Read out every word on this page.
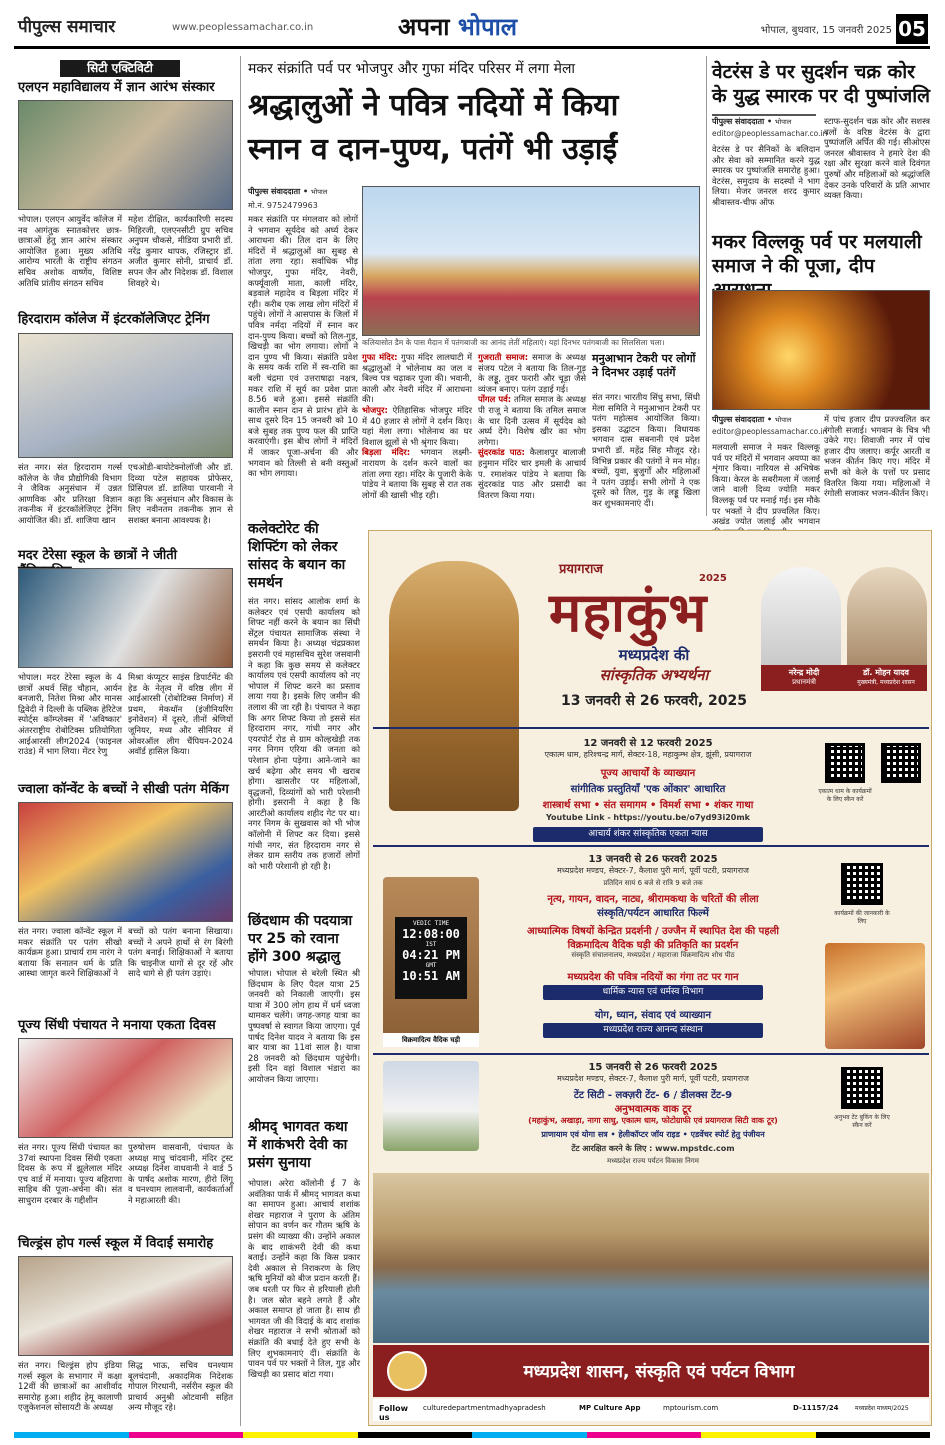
पीपुल्स समाचार	www.peoplessamachar.co.in	अपना भोपाल	भोपाल, बुधवार, 15 जनवरी 2025 05
सिटी एक्टिविटी
एलएन महाविद्यालय में ज्ञान आरंभ संस्कार
भोपाल। एलएन आयुर्वेद कॉलेज में नव आगंतुक स्नातकोत्तर छात्र-छात्राओं हेतु ज्ञान आरंभ संस्कार आयोजित हुआ। मुख्य अतिथि आरोग्य भारती के राष्ट्रीय संगठन सचिव अशोक वार्ष्णेय, विशिष्ट अतिथि प्रांतीय संगठन सचिव
महेश दीक्षित, कार्यकारिणी सदस्य मिहिरजी, एलएनसीटी ग्रुप सचिव अनुपम चौकसे, मीडिया प्रभारी डॉ. नरेंद्र कुमार थापक, रजिस्ट्रार डॉ. अजीत कुमार सोनी, प्राचार्य डॉ. सपन जैन और निदेशक डॉ. विशाल शिवहरे थे।
हिरदाराम कॉलेज में इंटरकॉलेजिएट ट्रेनिंग
संत नगर। संत हिरदाराम गर्ल्स कॉलेज के जैव प्रौद्योगिकी विभाग ने जैविक अनुसंधान में उन्नत आणविक और प्रतिरक्षा विज्ञान तकनीक में इंटरकॉलेजिएट ट्रेनिंग आयोजित की। डॉ. शाजिया खान
एचओडी-बायोटेक्नोलॉजी और डॉ. दिव्या पटेल सहायक प्रोफेसर, प्रिंसिपल डॉ. डालिया पारवानी ने कहा कि अनुसंधान और विकास के लिए नवीनतम तकनीक ज्ञान से सशक्त बनाना आवश्यक है।
मदर टेरेसा स्कूल के छात्रों ने जीती
भोपाल। मदर टेरेसा स्कूल के 4 छात्रों अथर्व सिंह चौहान, आर्यन बनजारी, नितेश मिश्रा और मानस द्विवेदी ने दिल्ली के पब्लिक हेरिटेज स्पोर्ट्स कॉम्प्लेक्स में 'अविष्कार' अंतरराष्ट्रीय रोबोटिक्स प्रतियोगिता आईआरसी लीग2024 (फाइनल राउंड) में भाग लिया। मेंटर रेणु
मिश्रा कंप्यूटर साइंस डिपार्टमेंट की हेड के नेतृत्व में वरिष्ठ लीग में आईआरसी (रोबोटिक्स निर्माण) में प्रथम, मेकथॉन (इंजीनियरिंग इनोवेशन) में दूसरे, तीनों श्रेणियों जूनियर, मध्य और सीनियर में ओवरऑल लीग चैंपियन-2024 अवॉर्ड हासिल किया।
ज्वाला कॉन्वेंट के बच्चों ने सीखी पतंग मेकिंग
संत नगर। ज्वाला कॉन्वेंट स्कूल में मकर संक्रांति पर पतंग सीखो कार्यक्रम हुआ। प्राचार्य राम नारंग ने बताया कि सनातन धर्म के प्रति आस्था जागृत करने शिक्षिकाओं ने
बच्चों को पतंग बनाना सिखाया। बच्चों ने अपने हाथों से रंग बिरंगी पतंग बनाई। शिक्षिकाओं ने बताया कि चाइनीज धागों से दूर रहें और सादे धागे से ही पतंग उड़ाएं।
पूज्य सिंधी पंचायत ने मनाया एकता दिवस
संत नगर। पूज्य सिंधी पंचायत का 37वां स्थापना दिवस सिंधी एकता दिवस के रूप में झूलेलाल मंदिर एच वार्ड में मनाया। पूज्य बहिराणा साहिब की पूजा-अर्चना की। संत साधुराम दरबार के गद्दीशीन
पुरुषोत्तम वासवानी, पंचायत के अध्यक्ष माधु चांदवानी, मंदिर ट्रस्ट अध्यक्ष दिनेश वाधवानी ने वार्ड 5 के पार्षद अशोक मारण, हीरो लिंगू व घनश्याम लालवानी, कार्यकर्ताओं ने महाआरती की।
चिल्ड्रंस होप गर्ल्स स्कूल में विदाई समारोह
संत नगर। चिल्ड्रंस होप इंडिया गर्ल्स स्कूल के सभागार में कक्षा 12वीं की छात्राओं का आशीर्वाद समारोह हुआ। शहीद हेमू कालाणी एजुकेशनल सोसायटी के अध्यक्ष
सिद्ध भाऊ, सचिव घनश्याम बूलचंदानी, अकादमिक निदेशक गोपाल गिरधानी, नर्सरीन स्कूल की प्राचार्य अनुश्री ओटवानी सहित अन्य मौजूद रहे।
मकर संक्रांति पर्व पर भोजपुर और गुफा मंदिर परिसर में लगा मेला
श्रद्धालुओं ने पवित्र नदियों में किया
स्नान व दान-पुण्य, पतंगें भी उड़ाईं
पीपुल्स संवाददाता • भोपाल
मो.नं. 9752479963
कलियासोत डैम के पास मैदान में पतंगबाजी का आनंद लेतीं महिलाएं। यहां दिनभर पतंगबाजी का सिलसिला चला।
मकर संक्रांति पर मंगलवार को लोगों ने भगवान सूर्यदेव को अर्घ्य देकर आराधना की। तिल दान के लिए मंदिरों में श्रद्धालुओं का सुबह से तांता लगा रहा। सर्वाधिक भीड़ भोजपुर, गुफा मंदिर, नेवरी, कर्फ्यूवाली माता, काली मंदिर, बड़वाले महादेव व बिड़ला मंदिर में रही। करीब एक लाख लोग मंदिरों में पहुंचे। लोगों ने आसपास के जिलों में पवित्र नर्मदा नदियों में स्नान कर दान-पुण्य किया। बच्चों को तिल-गुड़, खिचड़ी का भोग लगाया। लोगों ने दान पुण्य भी किया। संक्रांति प्रवेश के समय कर्क राशि में स्व-राशि का बली चंद्रमा एवं उत्तराषाढ़ा नक्षत्र, मकर राशि में सूर्य का प्रवेश प्रातः 8.56 बजे हुआ। इससे संक्रांति कालीन स्नान दान से प्रारंभ होने के साथ दूसरे दिन 15 जनवरी को 10 बजे सुबह तक पुण्य फल की प्राप्ति करवाएंगी। इस बीच लोगों ने मंदिरों में जाकर पूजा-अर्चना की और भगवान को तिल्ली से बनी वस्तुओं का भोग लगाया।

गुफा मंदिर: गुफा मंदिर लालघाटी में श्रद्धालुओं ने भोलेनाथ का जल व बिल्व पत्र चढ़ाकर पूजा की। भवानी, काली और नेवरी मंदिर में आराधना की।

भोजपुर: ऐतिहासिक भोजपुर मंदिर में 40 हजार से लोगों ने दर्शन किए। यहां मेला लगा। भोलेनाथ का घर विशाल झूलों से भी श्रृंगार किया।

बिड़ला मंदिर: भगवान लक्ष्मी-नारायण के दर्शन करने वालों का तांता लगा रहा। मंदिर के पुजारी केके पांडेय ने बताया कि सुबह से रात तक लोगों की खासी भीड़ रही।

गुजराती समाज: समाज के अध्यक्ष संजय पटेल ने बताया कि तिल-गुड़ के लड्डू, तुवर फरारी और चूड़ा जैसे व्यंजन बनाए। पतंग उड़ाई गई।

पोंगल पर्व: तमिल समाज के अध्यक्ष पी राजू ने बताया कि तमिल समाज के चार दिनी उत्सव में सूर्यदेव को अर्घ्य देंगे। विशेष खीर का भोग लगेगा।

सुंदरकांड पाठ: कैलाशपुर बालाजी हनुमान मंदिर चार इमली के आचार्य प. रमाशंकर पांडेय ने बताया कि सुंदरकांड पाठ और प्रसादी का वितरण किया गया।

मनुआभान टेकरी पर लोगों ने दिनभर उड़ाई पतंगें
संत नगर। भारतीय सिंधु सभा, सिंधी मेला समिति ने मनुआभान टेकरी पर पतंग महोत्सव आयोजित किया। इसका उद्घाटन किया। विधायक भगवान दास सबनानी एवं प्रदेश प्रभारी डॉ. महेंद्र सिंह मौजूद रहे। विभिन्न प्रकार की पतंगों ने मन मोह। बच्चों, युवा, बुजुर्गों और महिलाओं ने पतंग उड़ाई। सभी लोगों ने एक दूसरे को तिल, गुड़ के लड्डू खिला कर शुभकामनाएं दीं।
वेटरंस डे पर सुदर्शन चक्र कोर के युद्ध स्मारक पर दी पुष्पांजलि
पीपुल्स संवाददाता • भोपाल
editor@peoplessamachar.co.in
वेटरंस डे पर सैनिकों के बलिदान और सेवा को सम्मानित करने युद्ध स्मारक पर पुष्पांजलि समारोह हुआ। वेटरंस, समुदाय के सदस्यों ने भाग लिया। मेजर जनरल शरद कुमार श्रीवास्तव-चीफ ऑफ
स्टाफ-सुदर्शन चक्र कोर और सशस्त्र बलों के वरिष्ठ वेटरंस के द्वारा पुष्पांजलि अर्पित की गई। सीओएस जनरल श्रीवास्तव ने हमारे देश की रक्षा और सुरक्षा करने वाले दिवंगत पुरुषों और महिलाओं को श्रद्धांजलि देकर उनके परिवारों के प्रति आभार व्यक्त किया।
मकर विल्लकू पर्व पर मलयाली समाज ने की पूजा, दीप
पीपुल्स संवाददाता • भोपाल
editor@peoplessamachar.co.in
मलयाली समाज ने मकर विल्लकू पर्व पर मंदिरों में भगवान अयप्पा का शृंगार किया। नारियल से अभिषेक किया। केरल के सबरीमला में जलाई जाने वाली दिव्य ज्योति मकर विल्लकू पर्व पर मनाई गई। इस मौके पर भक्तों ने दीप प्रज्वलित किए। अखंड ज्योत जलाई और भगवान
में पांच हजार दीप प्रज्ज्वलित कर रंगोली सजाई। भगवान के चित्र भी उकेरे गए। शिवाजी नगर में पांच हजार दीप जलाए। कर्पूर आरती व भजन कीर्तन किए गए। मंदिर में सभी को केले के पत्तों पर प्रसाद वितरित किया गया। महिलाओं ने रंगोली सजाकर भजन-कीर्तन किए।
कलेक्टोरेट की शिफ्टिंग को लेकर सांसद के बयान का समर्थन
संत नगर। सांसद आलोक शर्मा के कलेक्टर एवं एसपी कार्यालय को शिफ्ट नहीं करने के बयान का सिंधी सेंट्रल पंचायत सामाजिक संस्था ने समर्थन किया है। अध्यक्ष चंद्रप्रकाश इसरानी एवं महासचिव सुरेश जसवानी ने कहा कि कुछ समय से कलेक्टर कार्यालय एवं एसपी कार्यालय को नए भोपाल में शिफ्ट करने का प्रस्ताव लाया गया है। इसके लिए जमीन की तलाश की जा रही है। पंचायत ने कहा कि अगर शिफ्ट किया तो इससे संत हिरदाराम नगर, गांधी नगर और एयरपोर्ट रोड से ग्राम कोल्हखेड़ी तक नगर निगम एरिया की जनता को परेशान होना पड़ेगा। आने-जाने का खर्च बढ़ेगा और समय भी खराब होगा। खासतौर पर महिलाओं, वृद्धजनों, दिव्यांगों को भारी परेशानी होगी। इसरानी ने कहा है कि आरटीओ कार्यालय शहीद गेट पर था। नगर निगम के सुखवास को भी भोज कॉलोनी में शिफ्ट कर दिया। इससे गांधी नगर, संत हिरदाराम नगर से लेकर ग्राम स्तरीय तक हजारों लोगों को भारी परेशानी हो रही है।
छिंदधाम की पदयात्रा पर 25 को रवाना होंगे 300 श्रद्धालु
भोपाल। भोपाल से बरेली स्थित श्री छिंदधाम के लिए पैदल यात्रा 25 जनवरी को निकाली जाएगी। इस यात्रा में 300 लोग हाथ में धर्म ध्वजा थामकर चलेंगे। जगह-जगह यात्रा का पुष्पवर्षा से स्वागत किया जाएगा। पूर्व पार्षद दिनेश यादव ने बताया कि इस बार यात्रा का 11वां साल है। यात्रा 28 जनवरी को छिंदधाम पहुंचेगी। इसी दिन वहां विशाल भंडारा का आयोजन किया जाएगा।
श्रीमद् भागवत कथा में शाकंभरी देवी का प्रसंग सुनाया
भोपाल। अरेरा कॉलोनी ई 7 के अवंतिका पार्क में श्रीमद् भागवत कथा का समापन हुआ। आचार्य शशांक शेखर महाराज ने पुराण के अंतिम सोपान का वर्णन कर गौतम ऋषि के प्रसंग की व्याख्या की। उन्होंने अकाल के बाद शाकंभरी देवी की कथा बताई। उन्होंने कहा कि किस प्रकार देवी अकाल से निराकरण के लिए ऋषि मुनियों को बीज प्रदान करती हैं। जब धरती पर फिर से हरियाली होती है। जल स्रोत बहने लगते हैं और अकाल समाप्त हो जाता है। साथ ही भागवत जी की विदाई के बाद शशांक शेखर महाराज ने सभी श्रोताओं को संक्रांति की बधाई देते हुए सभी के लिए शुभकामनाएं दीं। संक्रांति के पावन पर्व पर भक्तों ने तिल, गुड़ और खिचड़ी का प्रसाद बांटा गया।
प्रयागराज
महाकुंभ
2025
मध्यप्रदेश की
सांस्कृतिक अभ्यर्थना
13 जनवरी से 26 फरवरी, 2025
नरेन्द्र मोदी
प्रधानमंत्री
डॉ. मोहन यादव
मुख्यमंत्री, मध्यप्रदेश शासन
12 जनवरी से 12 फरवरी 2025
एकात्म धाम, हरिश्चन्द्र मार्ग, सेक्टर-18, महाकुम्भ क्षेत्र, झूंसी, प्रयागराज
पूज्य आचार्यों के व्याख्यान
सांगीतिक प्रस्तुतियाँ 'एक ओंकार' आधारित
शास्त्रार्थ सभा • संत समागम • विमर्श सभा • शंकर गाथा
Youtube Link - https://youtu.be/o7yd93i20mk
आचार्य शंकर सांस्कृतिक एकता न्यास
एकात्म धाम के कार्यक्रमों के लिए स्कैन करें
VEDIC TIME
12:08:00
IST
04:21 PM
GMT
10:51 AM
विक्रमादित्य वैदिक घड़ी
13 जनवरी से 26 फरवरी 2025
मध्यप्रदेश मण्डप, सेक्टर-7, कैलाश पुरी मार्ग, पूर्वी पटरी, प्रयागराज
प्रतिदिन सायं 6 बजे से रात्रि 9 बजे तक
नृत्य, गायन, वादन, नाट्य, श्रीरामकथा के चरितों की लीला
संस्कृति/पर्यटन आधारित फिल्में
आध्यात्मिक विषयों केन्द्रित प्रदर्शनी / उज्जैन में स्थापित देश की पहली
विक्रमादित्य वैदिक घड़ी की प्रतिकृति का प्रदर्शन
संस्कृति संचालनालय, मध्यप्रदेश / महाराजा विक्रमादित्य शोध पीठ
मध्यप्रदेश की पवित्र नदियों का गंगा तट पर गान
धार्मिक न्यास एवं धर्मस्व विभाग
योग, ध्यान, संवाद एवं व्याख्यान
मध्यप्रदेश राज्य आनन्द संस्थान
कार्यक्रमों की जानकारी के लिए
15 जनवरी से 26 फरवरी 2025
मध्यप्रदेश मण्डप, सेक्टर-7, कैलाश पुरी मार्ग, पूर्वी पटरी, प्रयागराज
टेंट सिटी - लक्ज़री टेंट- 6 / डीलक्स टेंट-9
अनुभवात्मक वाक टूर
(महाकुंभ, अखाड़ा, नागा साधु, एकात्म धाम, फोटोग्राफी एवं प्रयागराज सिटी वाक टूर)
प्राणायाम एवं योगा सत्र • हेलीकॉप्टर जॉय राइड • एडवेंचर स्पोर्ट हेतु पंजीयन
टेंट आरक्षित करने के लिए : www.mpstdc.com
मध्यप्रदेश राज्य पर्यटन विकास निगम
अनुभव टेंट बुकिंग के लिए स्कैन करें
मध्यप्रदेश शासन, संस्कृति एवं पर्यटन विभाग
Follow us
culturedepartmentmadhyapradesh	MP Culture App	mptourism.com	D-11157/24	मध्यप्रदेश माध्यम/2025
